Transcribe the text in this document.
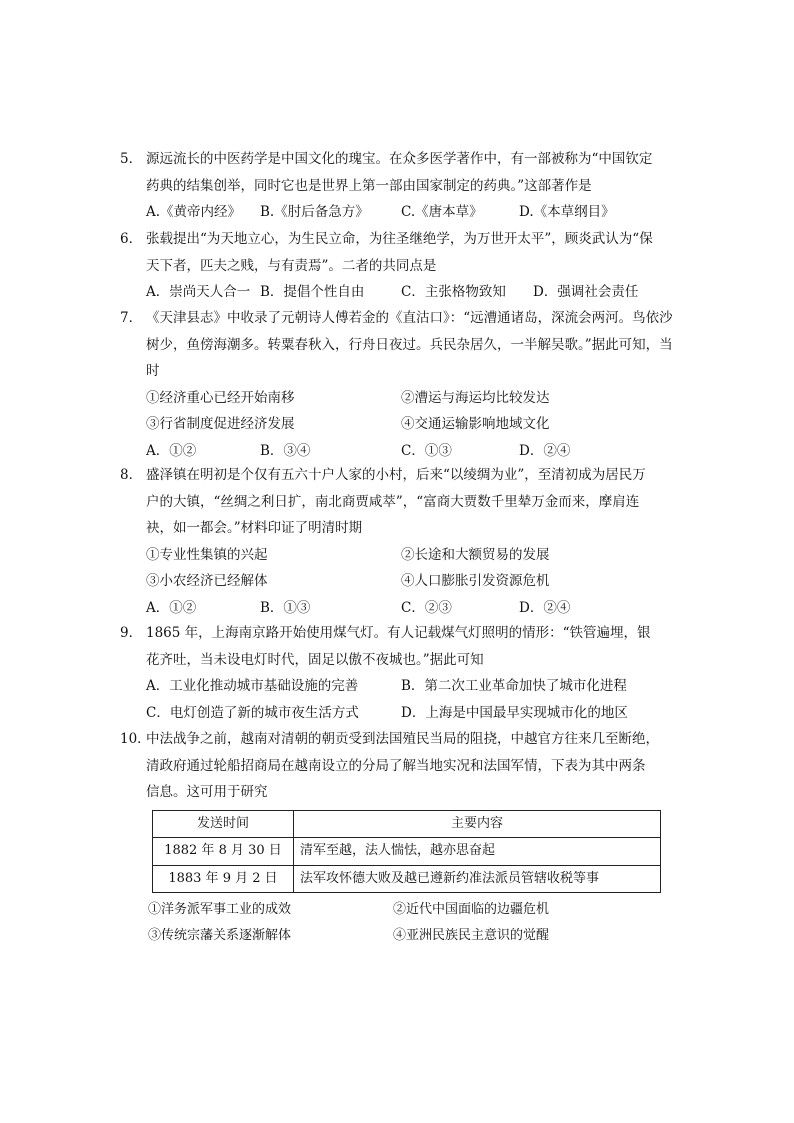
5． 源远流长的中医药学是中国文化的瑰宝。在众多医学著作中，有一部被称为“中国钦定
药典的结集创举，同时它也是世界上第一部由国家制定的药典。”这部著作是
A.《黄帝内经》	B.《肘后备急方》	C.《唐本草》	D.《本草纲目》
6． 张载提出“为天地立心，为生民立命，为往圣继绝学，为万世开太平”，顾炎武认为“保
天下者，匹夫之贱，与有责焉”。二者的共同点是
A．崇尚天人合一 B．提倡个性自由	C．主张格物致知	D．强调社会责任
7． 《天津县志》中收录了元朝诗人傅若金的《直沽口》：“远漕通诸岛，深流会两河。鸟依沙
树少，鱼傍海潮多。转粟春秋入，行舟日夜过。兵民杂居久，一半解吴歌。”据此可知，当
时
①经济重心已经开始南移	②漕运与海运均比较发达
③行省制度促进经济发展	④交通运输影响地域文化
A．①②	B．③④	C．①③	D．②④
8． 盛泽镇在明初是个仅有五六十户人家的小村，后来“以绫绸为业”，至清初成为居民万
户的大镇，“丝绸之利日扩，南北商贾咸萃”，“富商大贾数千里辇万金而来，摩肩连
袂，如一都会。”材料印证了明清时期
①专业性集镇的兴起	②长途和大额贸易的发展
③小农经济已经解体	④人口膨胀引发资源危机
A．①②	B．①③	C．②③	D．②④
9． 1865 年，上海南京路开始使用煤气灯。有人记载煤气灯照明的情形：“铁管遍埋，银
花齐吐，当未设电灯时代，固足以傲不夜城也。”据此可知
A．工业化推动城市基础设施的完善	B．第二次工业革命加快了城市化进程
C．电灯创造了新的城市夜生活方式	D．上海是中国最早实现城市化的地区
10．
中法战争之前，越南对清朝的朝贡受到法国殖民当局的阻挠，中越官方往来几至断绝，
清政府通过轮船招商局在越南设立的分局了解当地实况和法国军情，下表为其中两条
信息。这可用于研究
发送时间	主要内容
1882 年 8 月 30 日	清军至越，法人惴怯，越亦思奋起
1883 年 9 月 2 日	法军攻怀德大败及越已遵新约准法派员管辖收税等事
①洋务派军事工业的成效	②近代中国面临的边疆危机
③传统宗藩关系逐渐解体	④亚洲民族民主意识的觉醒
